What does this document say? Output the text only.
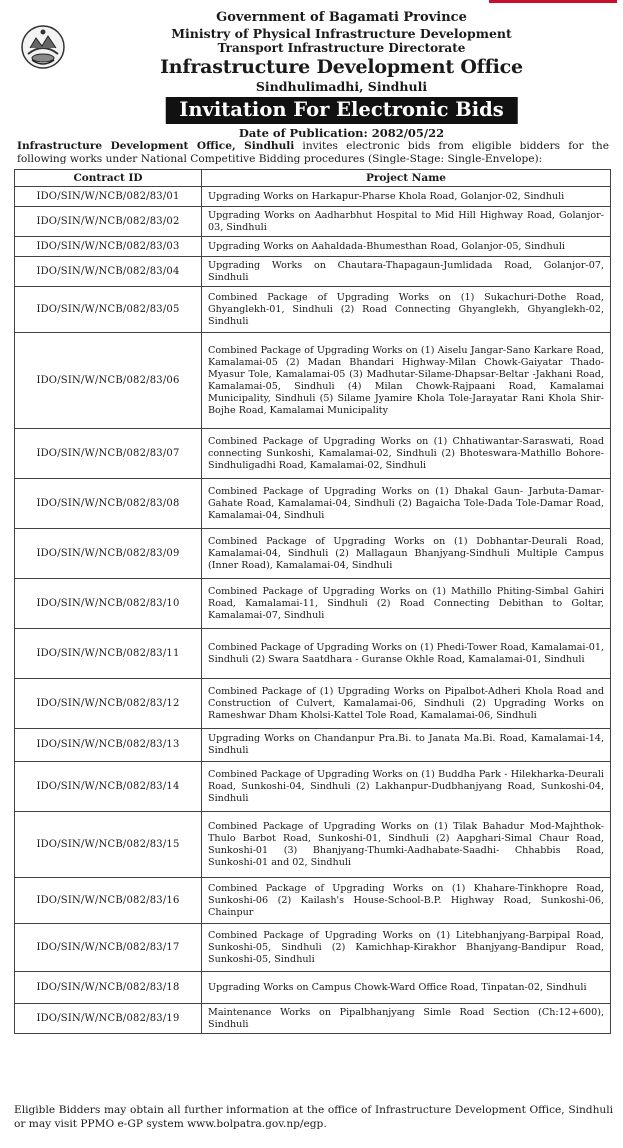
Government of Bagamati Province
Ministry of Physical Infrastructure Development
Transport Infrastructure Directorate
Infrastructure Development Office
Sindhulimadhi, Sindhuli
Invitation For Electronic Bids
Date of Publication: 2082/05/22
Infrastructure Development Office, Sindhuli invites electronic bids from eligible bidders for the following works under National Competitive Bidding procedures (Single-Stage: Single-Envelope):
Contract ID	Project Name
IDO/SIN/W/NCB/082/83/01	Upgrading Works on Harkapur-Pharse Khola Road, Golanjor-02, Sindhuli
IDO/SIN/W/NCB/082/83/02	Upgrading Works on Aadharbhut Hospital to Mid Hill Highway Road, Golanjor-03, Sindhuli
IDO/SIN/W/NCB/082/83/03	Upgrading Works on Aahaldada-Bhumesthan Road, Golanjor-05, Sindhuli
IDO/SIN/W/NCB/082/83/04	Upgrading Works on Chautara-Thapagaun-Jumlidada Road, Golanjor-07, Sindhuli
IDO/SIN/W/NCB/082/83/05	Combined Package of Upgrading Works on (1) Sukachuri-Dothe Road, Ghyanglekh-01, Sindhuli (2) Road Connecting Ghyanglekh, Ghyanglekh-02, Sindhuli
IDO/SIN/W/NCB/082/83/06	Combined Package of Upgrading Works on (1) Aiselu Jangar-Sano Karkare Road, Kamalamai-05 (2) Madan Bhandari Highway-Milan Chowk-Gaiyatar Thado-Myasur Tole, Kamalamai-05 (3) Madhutar-Silame-Dhapsar-Beltar -Jakhani Road, Kamalamai-05, Sindhuli (4) Milan Chowk-Rajpaani Road, Kamalamai Municipality, Sindhuli (5) Silame Jyamire Khola Tole-Jarayatar Rani Khola Shir- Bojhe Road, Kamalamai Municipality
IDO/SIN/W/NCB/082/83/07	Combined Package of Upgrading Works on (1) Chhatiwantar-Saraswati, Road connecting Sunkoshi, Kamalamai-02, Sindhuli (2) Bhoteswara-Mathillo Bohore-Sindhuligadhi Road, Kamalamai-02, Sindhuli
IDO/SIN/W/NCB/082/83/08	Combined Package of Upgrading Works on (1) Dhakal Gaun- Jarbuta-Damar-Gahate Road, Kamalamai-04, Sindhuli (2) Bagaicha Tole-Dada Tole-Damar Road, Kamalamai-04, Sindhuli
IDO/SIN/W/NCB/082/83/09	Combined Package of Upgrading Works on (1) Dobhantar-Deurali Road, Kamalamai-04, Sindhuli (2) Mallagaun Bhanjyang-Sindhuli Multiple Campus (Inner Road), Kamalamai-04, Sindhuli
IDO/SIN/W/NCB/082/83/10	Combined Package of Upgrading Works on (1) Mathillo Phiting-Simbal Gahiri Road, Kamalamai-11, Sindhuli (2) Road Connecting Debithan to Goltar, Kamalamai-07, Sindhuli
IDO/SIN/W/NCB/082/83/11	Combined Package of Upgrading Works on (1) Phedi-Tower Road, Kamalamai-01, Sindhuli (2) Swara Saatdhara - Guranse Okhle Road, Kamalamai-01, Sindhuli
IDO/SIN/W/NCB/082/83/12	Combined Package of (1) Upgrading Works on Pipalbot-Adheri Khola Road and Construction of Culvert, Kamalamai-06, Sindhuli (2) Upgrading Works on Rameshwar Dham Kholsi-Kattel Tole Road, Kamalamai-06, Sindhuli
IDO/SIN/W/NCB/082/83/13	Upgrading Works on Chandanpur Pra.Bi. to Janata Ma.Bi. Road, Kamalamai-14, Sindhuli
IDO/SIN/W/NCB/082/83/14	Combined Package of Upgrading Works on (1) Buddha Park - Hilekharka-Deurali Road, Sunkoshi-04, Sindhuli (2) Lakhanpur-Dudbhanjyang Road, Sunkoshi-04, Sindhuli
IDO/SIN/W/NCB/082/83/15	Combined Package of Upgrading Works on (1) Tilak Bahadur Mod-Majhthok-Thulo Barbot Road, Sunkoshi-01, Sindhuli (2) Aapghari-Simal Chaur Road, Sunkoshi-01 (3) Bhanjyang-Thumki-Aadhabate-Saadhi- Chhabbis Road, Sunkoshi-01 and 02, Sindhuli
IDO/SIN/W/NCB/082/83/16	Combined Package of Upgrading Works on (1) Khahare-Tinkhopre Road, Sunkoshi-06 (2) Kailash's House-School-B.P. Highway Road, Sunkoshi-06, Chainpur
IDO/SIN/W/NCB/082/83/17	Combined Package of Upgrading Works on (1) Litebhanjyang-Barpipal Road, Sunkoshi-05, Sindhuli (2) Kamichhap-Kirakhor Bhanjyang-Bandipur Road, Sunkoshi-05, Sindhuli
IDO/SIN/W/NCB/082/83/18	Upgrading Works on Campus Chowk-Ward Office Road, Tinpatan-02, Sindhuli
IDO/SIN/W/NCB/082/83/19	Maintenance Works on Pipalbhanjyang Simle Road Section (Ch:12+600), Sindhuli
Eligible Bidders may obtain all further information at the office of Infrastructure Development Office, Sindhuli or may visit PPMO e-GP system www.bolpatra.gov.np/egp.
